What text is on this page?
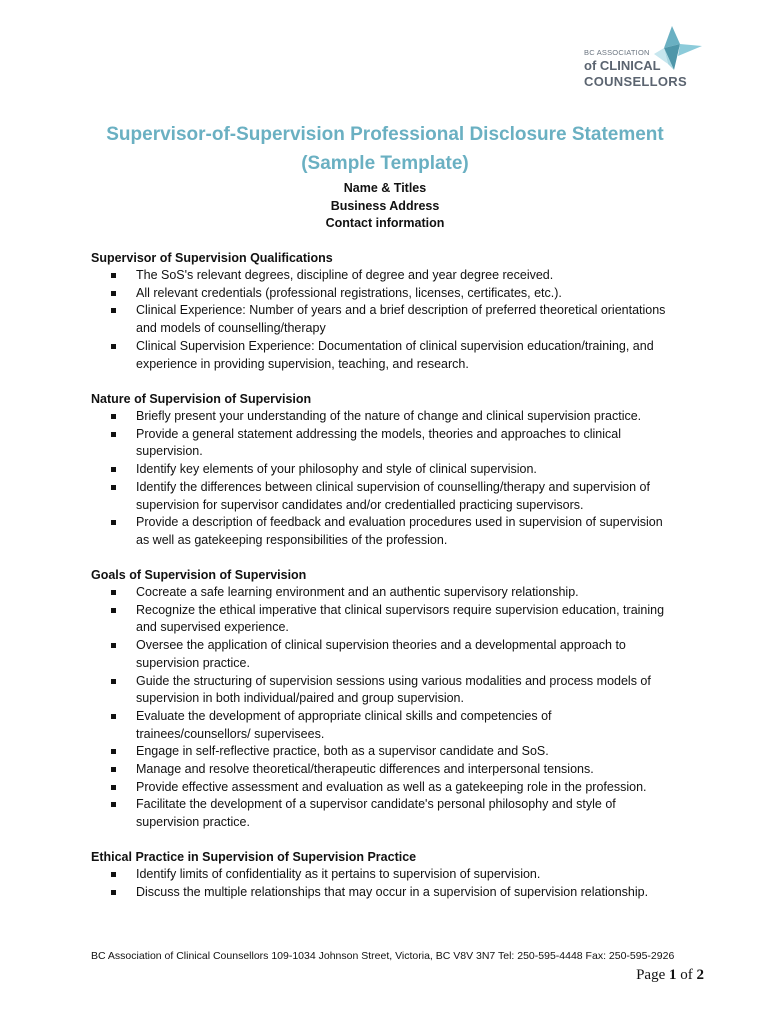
BC ASSOCIATION
of CLINICAL
COUNSELLORS
Supervisor-of-Supervision Professional Disclosure Statement
(Sample Template)
Name & Titles
Business Address
Contact information
Supervisor of Supervision Qualifications
The SoS's relevant degrees, discipline of degree and year degree received.
All relevant credentials (professional registrations, licenses, certificates, etc.).
Clinical Experience: Number of years and a brief description of preferred theoretical orientations
and models of counselling/therapy
Clinical Supervision Experience: Documentation of clinical supervision education/training, and
experience in providing supervision, teaching, and research.
Nature of Supervision of Supervision
Briefly present your understanding of the nature of change and clinical supervision practice.
Provide a general statement addressing the models, theories and approaches to clinical
supervision.
Identify key elements of your philosophy and style of clinical supervision.
Identify the differences between clinical supervision of counselling/therapy and supervision of
supervision for supervisor candidates and/or credentialled practicing supervisors.
Provide a description of feedback and evaluation procedures used in supervision of supervision
as well as gatekeeping responsibilities of the profession.
Goals of Supervision of Supervision
Cocreate a safe learning environment and an authentic supervisory relationship.
Recognize the ethical imperative that clinical supervisors require supervision education, training
and supervised experience.
Oversee the application of clinical supervision theories and a developmental approach to
supervision practice.
Guide the structuring of supervision sessions using various modalities and process models of
supervision in both individual/paired and group supervision.
Evaluate the development of appropriate clinical skills and competencies of
trainees/counsellors/ supervisees.
Engage in self-reflective practice, both as a supervisor candidate and SoS.
Manage and resolve theoretical/therapeutic differences and interpersonal tensions.
Provide effective assessment and evaluation as well as a gatekeeping role in the profession.
Facilitate the development of a supervisor candidate's personal philosophy and style of
supervision practice.
Ethical Practice in Supervision of Supervision Practice
Identify limits of confidentiality as it pertains to supervision of supervision.
Discuss the multiple relationships that may occur in a supervision of supervision relationship.
BC Association of Clinical Counsellors 109-1034 Johnson Street, Victoria, BC V8V 3N7 Tel: 250-595-4448 Fax: 250-595-2926
Page 1 of 2
